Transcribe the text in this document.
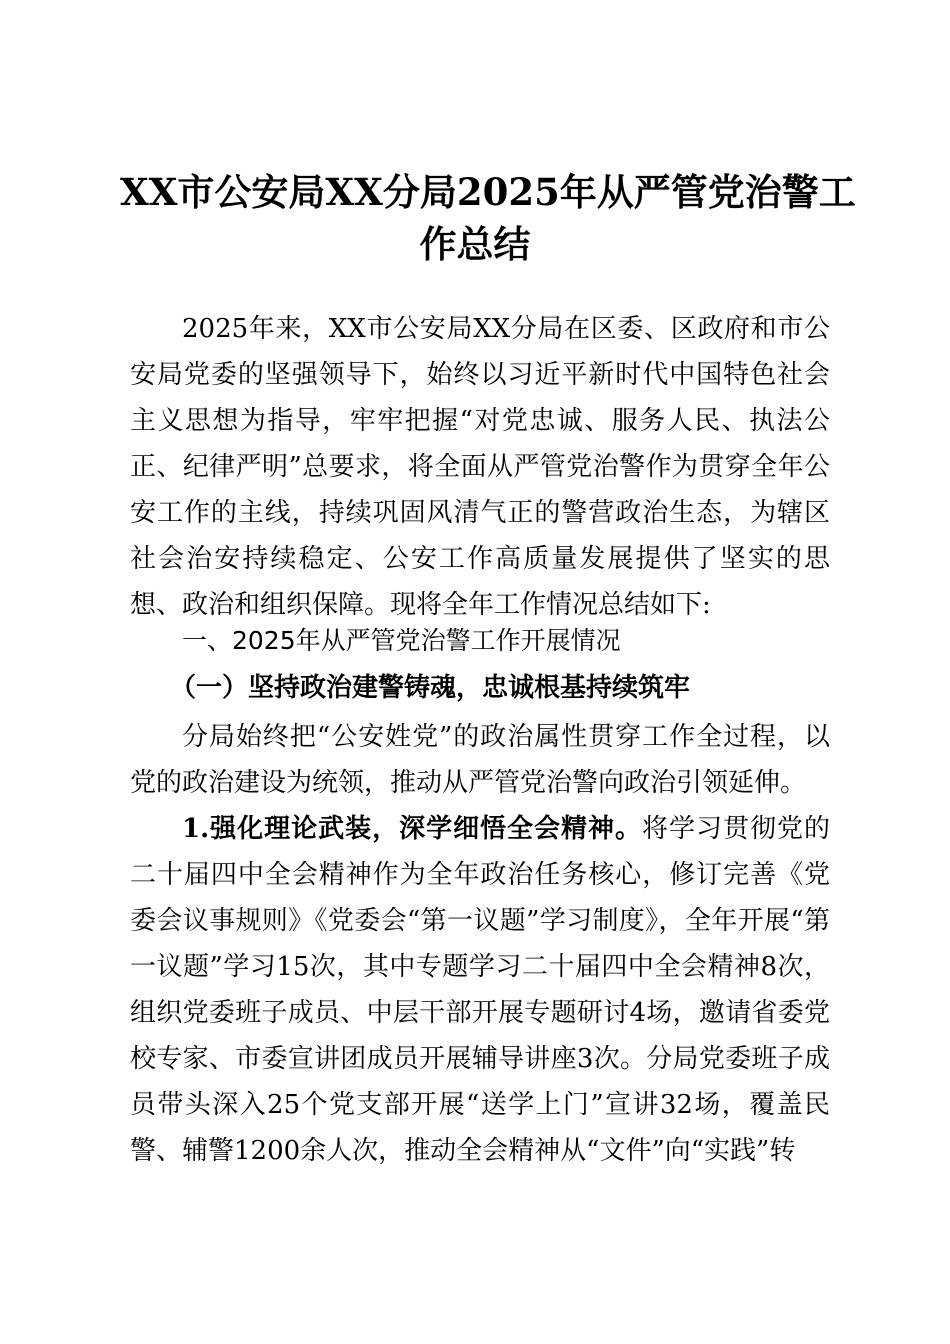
XX市公安局XX分局2025年从严管党治警工
作总结
2025年来，XX市公安局XX分局在区委、区政府和市公安局党委的坚强领导下，始终以习近平新时代中国特色社会主义思想为指导，牢牢把握“对党忠诚、服务人民、执法公正、纪律严明”总要求，将全面从严管党治警作为贯穿全年公安工作的主线，持续巩固风清气正的警营政治生态，为辖区社会治安持续稳定、公安工作高质量发展提供了坚实的思想、政治和组织保障。现将全年工作情况总结如下:
一、2025年从严管党治警工作开展情况
（一）坚持政治建警铸魂，忠诚根基持续筑牢
分局始终把“公安姓党”的政治属性贯穿工作全过程，以党的政治建设为统领，推动从严管党治警向政治引领延伸。
1.强化理论武装，深学细悟全会精神。将学习贯彻党的二十届四中全会精神作为全年政治任务核心，修订完善《党委会议事规则》《党委会“第一议题”学习制度》，全年开展“第一议题”学习15次，其中专题学习二十届四中全会精神8次，组织党委班子成员、中层干部开展专题研讨4场，邀请省委党校专家、市委宣讲团成员开展辅导讲座3次。分局党委班子成员带头深入25个党支部开展“送学上门”宣讲32场，覆盖民警、辅警1200余人次，推动全会精神从“文件”向“实践”转
